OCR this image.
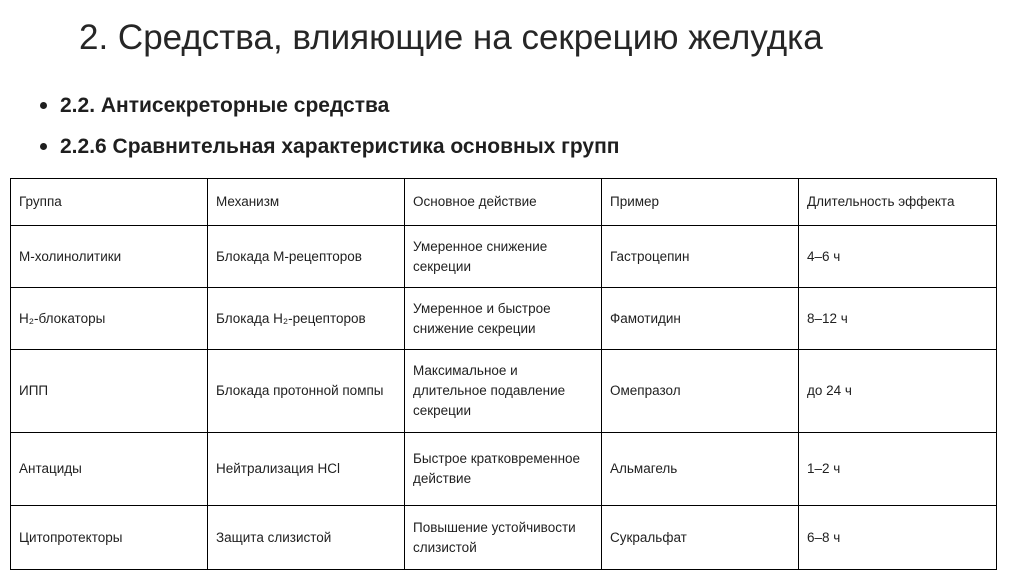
2. Средства, влияющие на секрецию желудка
2.2. Антисекреторные средства
2.2.6 Сравнительная характеристика основных групп
Группа	Механизм	Основное действие	Пример	Длительность эффекта
М-холинолитики	Блокада М-рецепторов	Умеренное снижение секреции	Гастроцепин	4–6 ч
H₂-блокаторы	Блокада H₂-рецепторов	Умеренное и быстрое снижение секреции	Фамотидин	8–12 ч
ИПП	Блокада протонной помпы	Максимальное и длительное подавление секреции	Омепразол	до 24 ч
Антациды	Нейтрализация HCl	Быстрое кратковременное действие	Альмагель	1–2 ч
Цитопротекторы	Защита слизистой	Повышение устойчивости слизистой	Сукральфат	6–8 ч
